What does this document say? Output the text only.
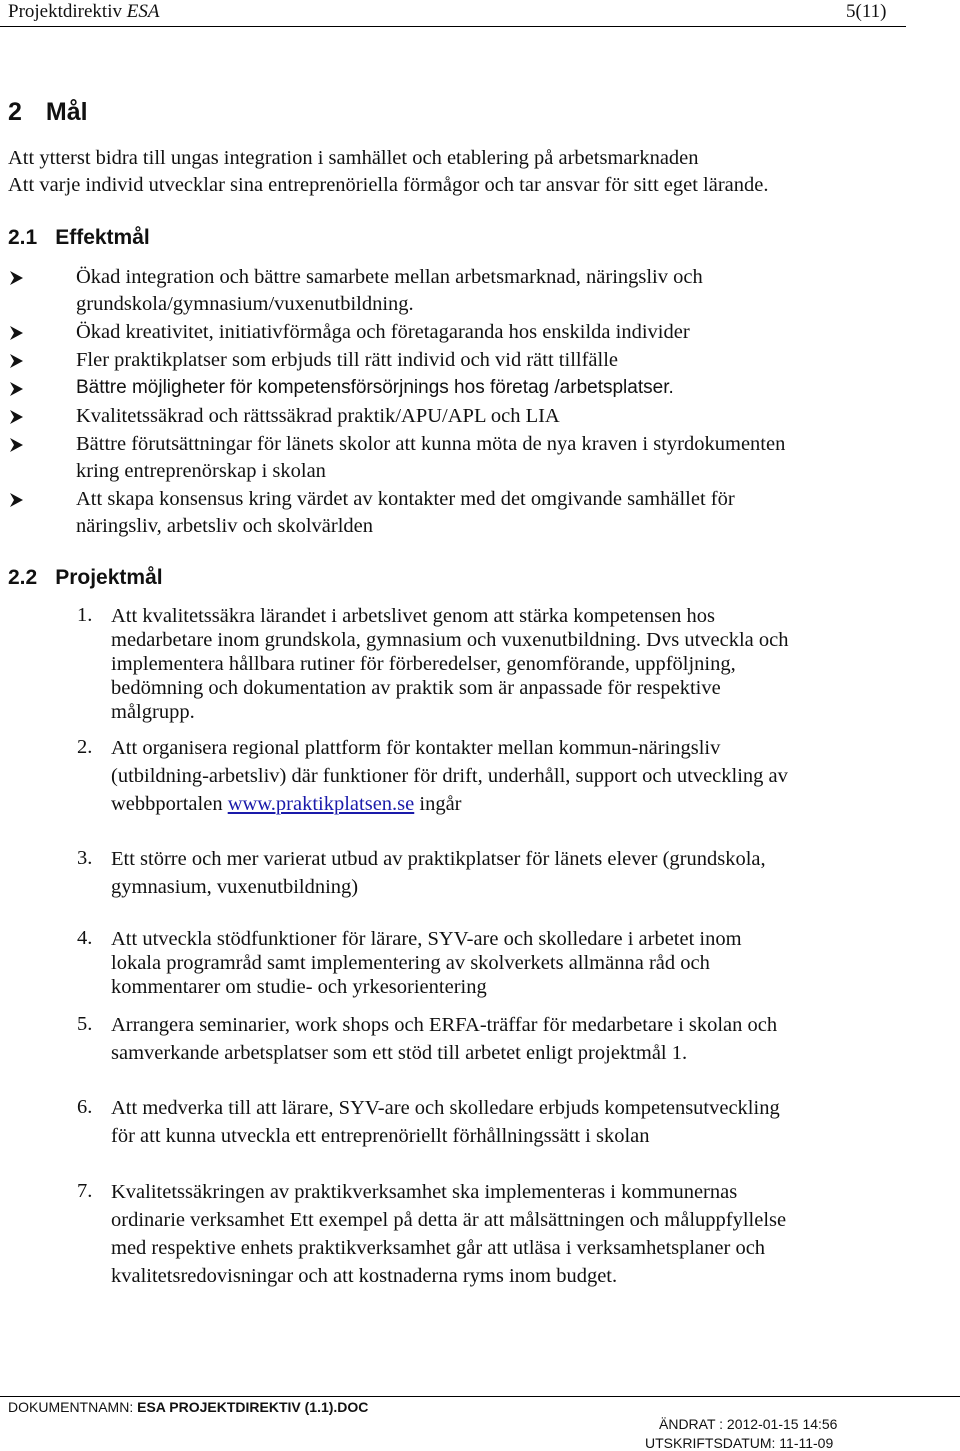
Projektdirektiv ESA	5(11)
2 Mål
Att ytterst bidra till ungas integration i samhället och etablering på arbetsmarknaden
Att varje individ utvecklar sina entreprenöriella förmågor och tar ansvar för sitt eget lärande.
2.1 Effektmål
Ökad integration och bättre samarbete mellan arbetsmarknad, näringsliv och
grundskola/gymnasium/vuxenutbildning.
Ökad kreativitet, initiativförmåga och företagaranda hos enskilda individer
Fler praktikplatser som erbjuds till rätt individ och vid rätt tillfälle
Bättre möjligheter för kompetensförsörjnings hos företag /arbetsplatser.
Kvalitetssäkrad och rättssäkrad praktik/APU/APL och LIA
Bättre förutsättningar för länets skolor att kunna möta de nya kraven i styrdokumenten
kring entreprenörskap i skolan
Att skapa konsensus kring värdet av kontakter med det omgivande samhället för
näringsliv, arbetsliv och skolvärlden
2.2 Projektmål
1. Att kvalitetssäkra lärandet i arbetslivet genom att stärka kompetensen hos
medarbetare inom grundskola, gymnasium och vuxenutbildning. Dvs utveckla och
implementera hållbara rutiner för förberedelser, genomförande, uppföljning,
bedömning och dokumentation av praktik som är anpassade för respektive
målgrupp.
2. Att organisera regional plattform för kontakter mellan kommun-näringsliv
(utbildning-arbetsliv) där funktioner för drift, underhåll, support och utveckling av
webbportalen www.praktikplatsen.se ingår
3. Ett större och mer varierat utbud av praktikplatser för länets elever (grundskola,
gymnasium, vuxenutbildning)
4. Att utveckla stödfunktioner för lärare, SYV-are och skolledare i arbetet inom
lokala programråd samt implementering av skolverkets allmänna råd och
kommentarer om studie- och yrkesorientering
5. Arrangera seminarier, work shops och ERFA-träffar för medarbetare i skolan och
samverkande arbetsplatser som ett stöd till arbetet enligt projektmål 1.
6. Att medverka till att lärare, SYV-are och skolledare erbjuds kompetensutveckling
för att kunna utveckla ett entreprenöriellt förhållningssätt i skolan
7. Kvalitetssäkringen av praktikverksamhet ska implementeras i kommunernas
ordinarie verksamhet Ett exempel på detta är att målsättningen och måluppfyllelse
med respektive enhets praktikverksamhet går att utläsa i verksamhetsplaner och
kvalitetsredovisningar och att kostnaderna ryms inom budget.
DOKUMENTNAMN: ESA PROJEKTDIREKTIV (1.1).DOC
ÄNDRAT : 2012-01-15 14:56
UTSKRIFTSDATUM: 11-11-09
